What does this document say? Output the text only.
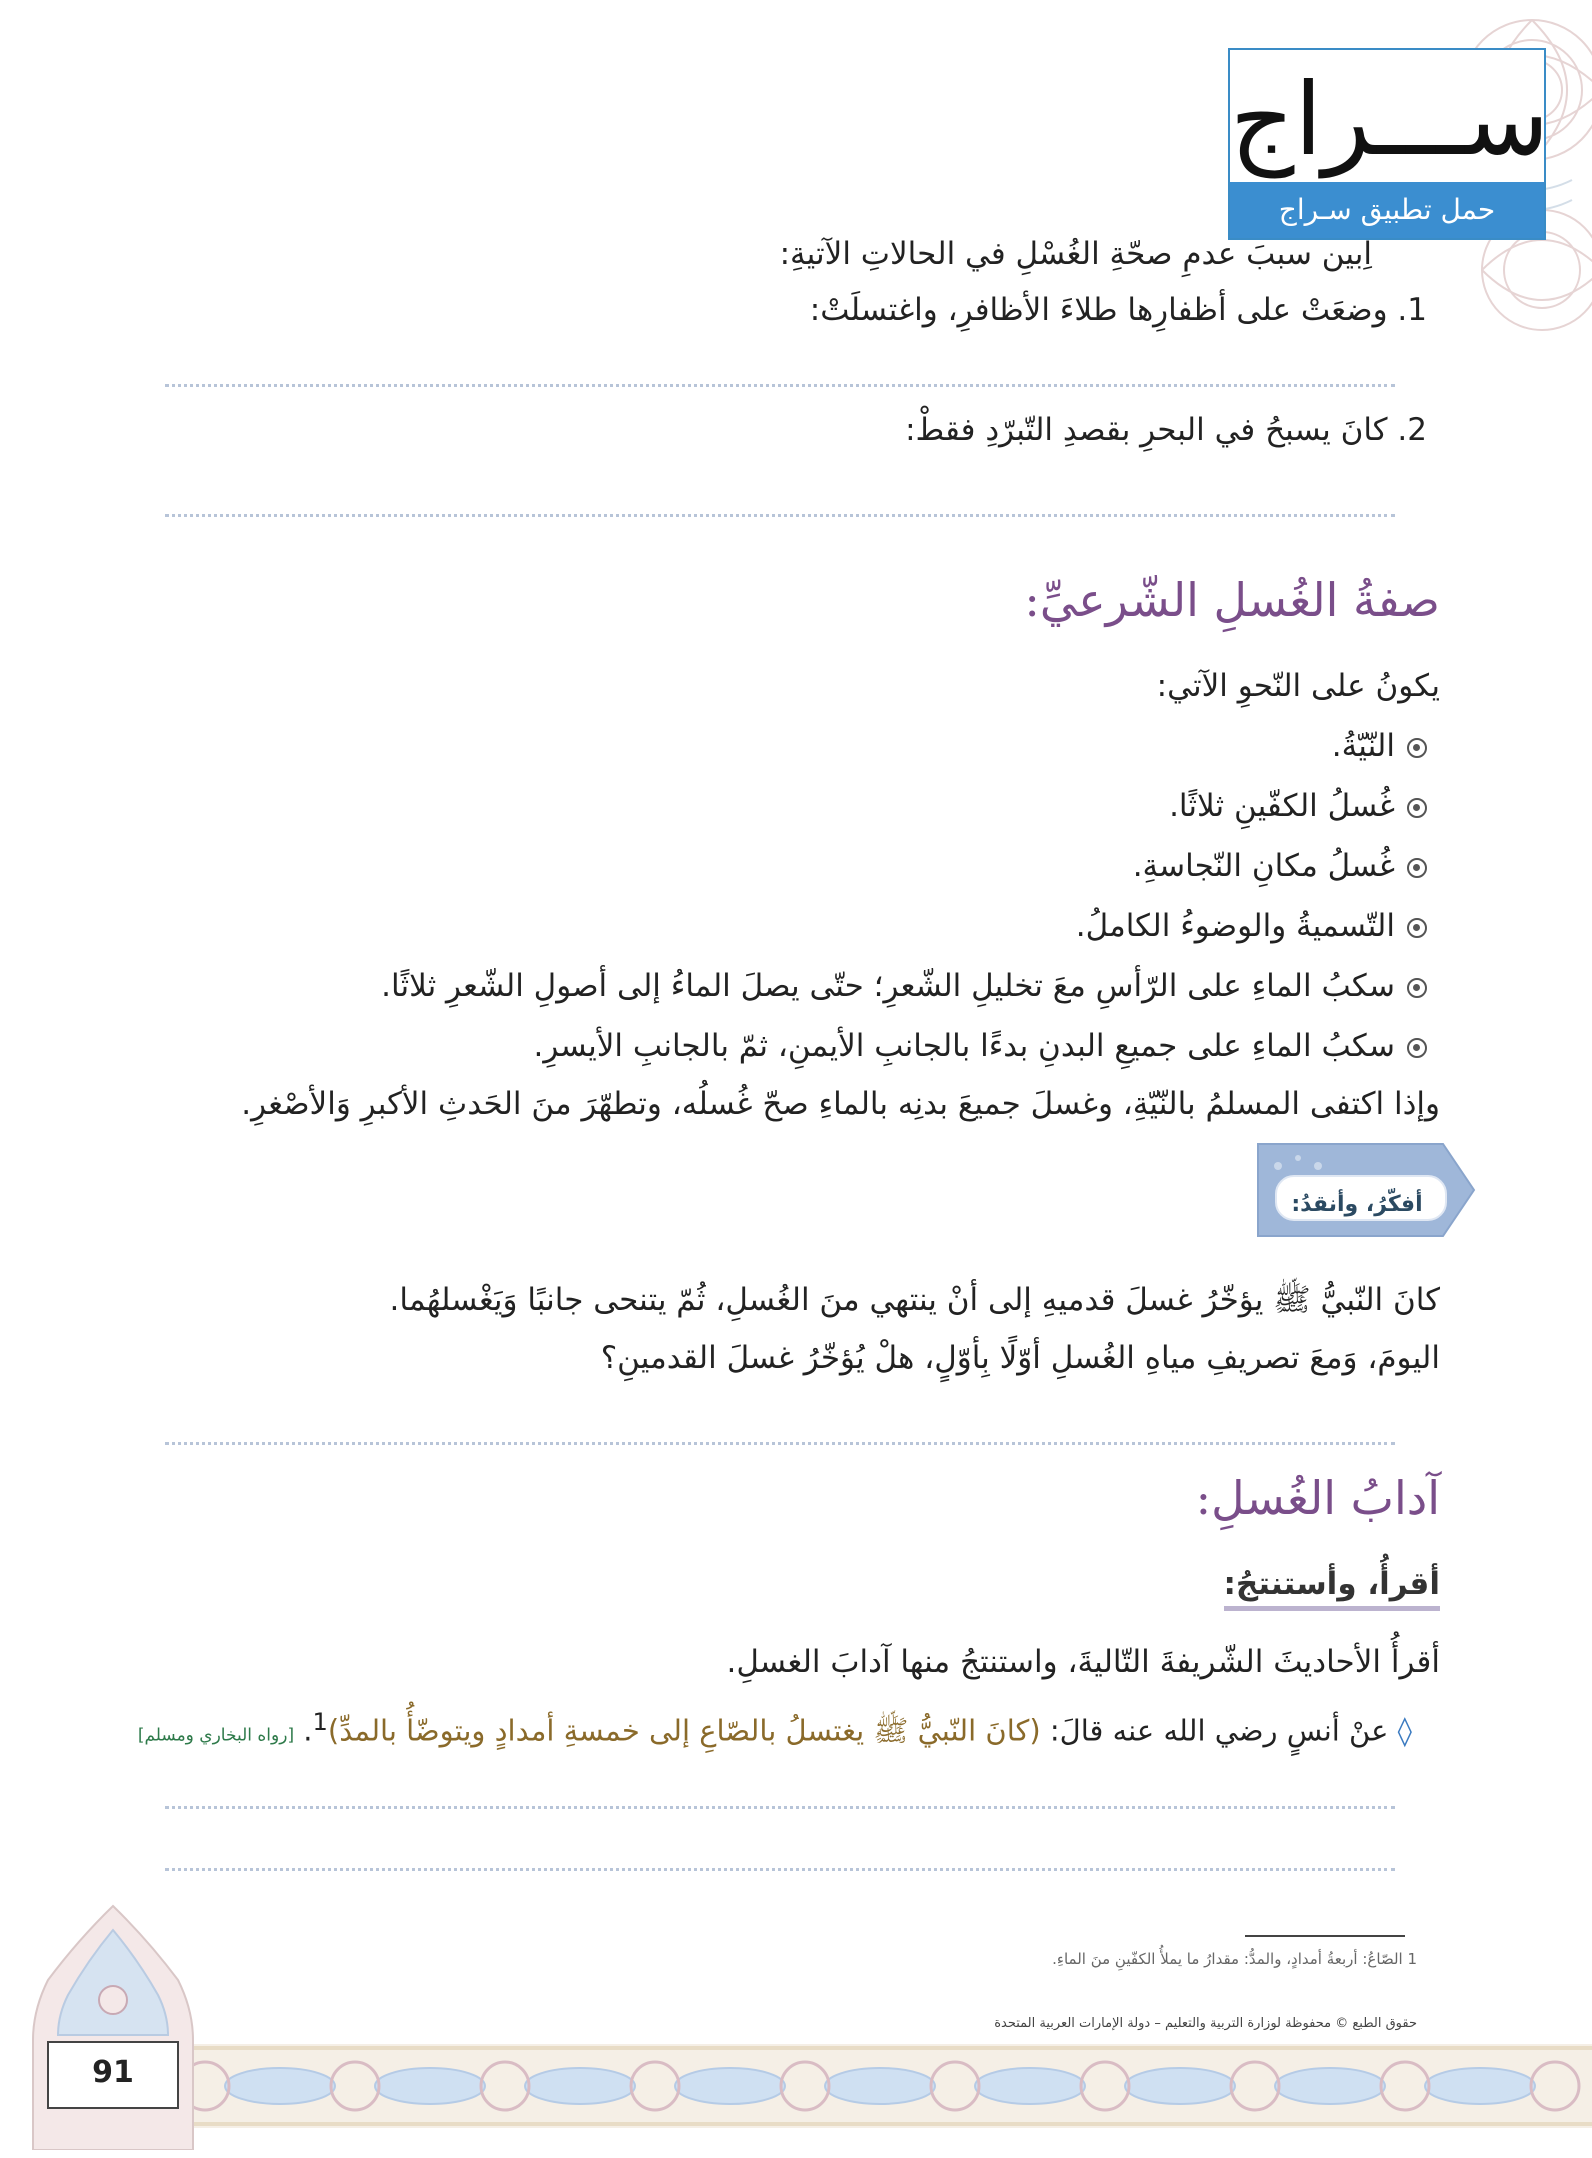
ســـراج
حمل تطبيق سـراج
اِبين سببَ عدمِ صحّةِ الغُسْلِ في الحالاتِ الآتيةِ:
1. وضعَتْ على أظفارِها طلاءَ الأظافرِ، واغتسلَتْ:
2. كانَ يسبحُ في البحرِ بقصدِ التّبرّدِ فقطْ:
صفةُ الغُسلِ الشّرعيِّ:
يكونُ على النّحوِ الآتي:
النّيّةُ.
غُسلُ الكفّينِ ثلاثًا.
غُسلُ مكانِ النّجاسةِ.
التّسميةُ والوضوءُ الكاملُ.
سكبُ الماءِ على الرّأسِ معَ تخليلِ الشّعرِ؛ حتّى يصلَ الماءُ إلى أصولِ الشّعرِ ثلاثًا.
سكبُ الماءِ على جميعِ البدنِ بدءًا بالجانبِ الأيمنِ، ثمّ بالجانبِ الأيسرِ.
وإذا اكتفى المسلمُ بالنّيّةِ، وغسلَ جميعَ بدنِه بالماءِ صحّ غُسلُه، وتطهّرَ منَ الحَدثِ الأكبرِ وَالأصْغرِ.
أفكّرُ، وأنقدُ:
كانَ النّبيُّ ﷺ يؤخّرُ غسلَ قدميهِ إلى أنْ ينتهي منَ الغُسلِ، ثُمّ يتنحى جانبًا وَيَغْسلهُما.
اليومَ، وَمعَ تصريفِ مياهِ الغُسلِ أوّلًا بِأوّلٍ، هلْ يُؤخّرُ غسلَ القدمينِ؟
آدابُ الغُسلِ:
أقرأُ، وأستنتجُ:
أقرأُ الأحاديثَ الشّريفةَ التّاليةَ، واستنتجُ منها آدابَ الغسلِ.
◊ عنْ أنسٍ رضي الله عنه قالَ: (كانَ النّبيُّ ﷺ يغتسلُ بالصّاعِ إلى خمسةِ أمدادٍ ويتوضّأُ بالمدِّ)$^1$. [رواه البخاري ومسلم]
1 الصّاعُ: أربعةُ أمدادٍ، والمدُّ: مقدارُ ما يملأُ الكفّينِ منَ الماءِ.
حقوق الطبع © محفوظة لوزارة التربية والتعليم – دولة الإمارات العربية المتحدة
91
